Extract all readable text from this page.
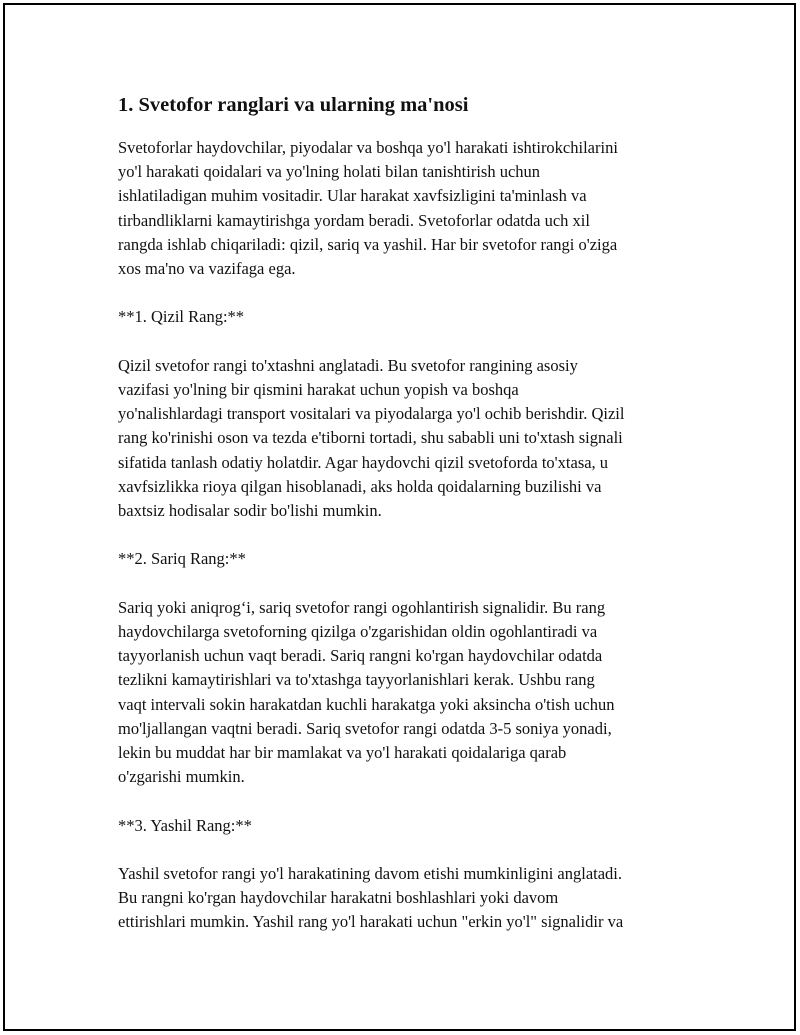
1. Svetofor ranglari va ularning ma'nosi

Svetoforlar haydovchilar, piyodalar va boshqa yo'l harakati ishtirokchilarini
yo'l harakati qoidalari va yo'lning holati bilan tanishtirish uchun
ishlatiladigan muhim vositadir. Ular harakat xavfsizligini ta'minlash va
tirbandliklarni kamaytirishga yordam beradi. Svetoforlar odatda uch xil
rangda ishlab chiqariladi: qizil, sariq va yashil. Har bir svetofor rangi o'ziga
xos ma'no va vazifaga ega.

**1. Qizil Rang:**

Qizil svetofor rangi to'xtashni anglatadi. Bu svetofor rangining asosiy
vazifasi yo'lning bir qismini harakat uchun yopish va boshqa
yo'nalishlardagi transport vositalari va piyodalarga yo'l ochib berishdir. Qizil
rang ko'rinishi oson va tezda e'tiborni tortadi, shu sababli uni to'xtash signali
sifatida tanlash odatiy holatdir. Agar haydovchi qizil svetoforda to'xtasa, u
xavfsizlikka rioya qilgan hisoblanadi, aks holda qoidalarning buzilishi va
baxtsiz hodisalar sodir bo'lishi mumkin.

**2. Sariq Rang:**

Sariq yoki aniqrog‘i, sariq svetofor rangi ogohlantirish signalidir. Bu rang
haydovchilarga svetoforning qizilga o'zgarishidan oldin ogohlantiradi va
tayyorlanish uchun vaqt beradi. Sariq rangni ko'rgan haydovchilar odatda
tezlikni kamaytirishlari va to'xtashga tayyorlanishlari kerak. Ushbu rang
vaqt intervali sokin harakatdan kuchli harakatga yoki aksincha o'tish uchun
mo'ljallangan vaqtni beradi. Sariq svetofor rangi odatda 3-5 soniya yonadi,
lekin bu muddat har bir mamlakat va yo'l harakati qoidalariga qarab
o'zgarishi mumkin.

**3. Yashil Rang:**

Yashil svetofor rangi yo'l harakatining davom etishi mumkinligini anglatadi.
Bu rangni ko'rgan haydovchilar harakatni boshlashlari yoki davom
ettirishlari mumkin. Yashil rang yo'l harakati uchun "erkin yo'l" signalidir va
